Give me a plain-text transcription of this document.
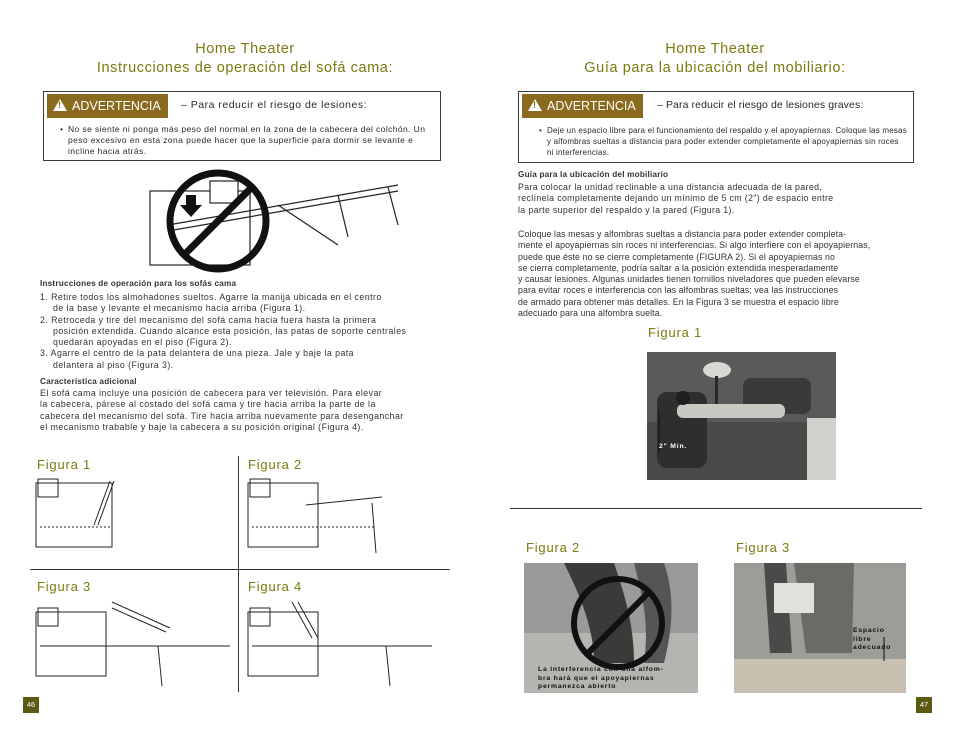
Home Theater
Instrucciones de operación del sofá cama:
!ADVERTENCIA	– Para reducir el riesgo de lesiones:
• No se siente ni ponga más peso del normal en la zona de la cabecera del colchón. Un peso excesivo en esta zona puede hacer que la superficie para dormir se levante e incline hacia atrás.
Instrucciones de operación para los sofás cama
1. Retire todos los almohadones sueltos. Agarre la manija ubicada en el centro
de la base y levante el mecanismo hacia arriba (Figura 1).
2. Retroceda y tire del mecanismo del sofá cama hacia fuera hasta la primera
posición extendida. Cuando alcance esta posición, las patas de soporte centrales
quedarán apoyadas en el piso (Figura 2).
3. Agarre el centro de la pata delantera de una pieza. Jale y baje la pata
delantera al piso (Figura 3).
Característica adicional
El sofá cama incluye una posición de cabecera para ver televisión. Para elevar
la cabecera, párese al costado del sofá cama y tire hacia arriba la parte de la
cabecera del mecanismo del sofá. Tire hacia arriba nuevamente para desenganchar
el mecanismo trabable y baje la cabecera a su posición original (Figura 4).
Figura 1	Figura 2
Figura 3	Figura 4
46
Home Theater
Guía para la ubicación del mobiliario:
!ADVERTENCIA	– Para reducir el riesgo de lesiones graves:
• Deje un espacio libre para el funcionamiento del respaldo y el apoyapiernas. Coloque las mesas y alfombras sueltas a distancia para poder extender completamente el apoyapiernas sin roces ni interferencias.
Guía para la ubicación del mobiliario
Para colocar la unidad reclinable a una distancia adecuada de la pared,
reclínela completamente dejando un mínimo de 5 cm (2") de espacio entre
la parte superior del respaldo y la pared (Figura 1).
Coloque las mesas y alfombras sueltas a distancia para poder extender completa-
mente el apoyapiernas sin roces ni interferencias. Si algo interfiere con el apoyapiernas,
puede que éste no se cierre completamente (FIGURA 2). Si el apoyapiernas no
se cierra completamente, podría saltar a la posición extendida inesperadamente
y causar lesiones. Algunas unidades tienen tornillos niveladores que pueden elevarse
para evitar roces e interferencia con las alfombras sueltas; vea las instrucciones
de armado para obtener más detalles. En la Figura 3 se muestra el espacio libre
adecuado para una alfombra suelta.
Figura 1
2" Min.
Figura 2	Figura 3
La interferencia con una alfom-
bra hará que el apoyapiernas
permanezca abierto
Espacio
libre
adecuado
47
